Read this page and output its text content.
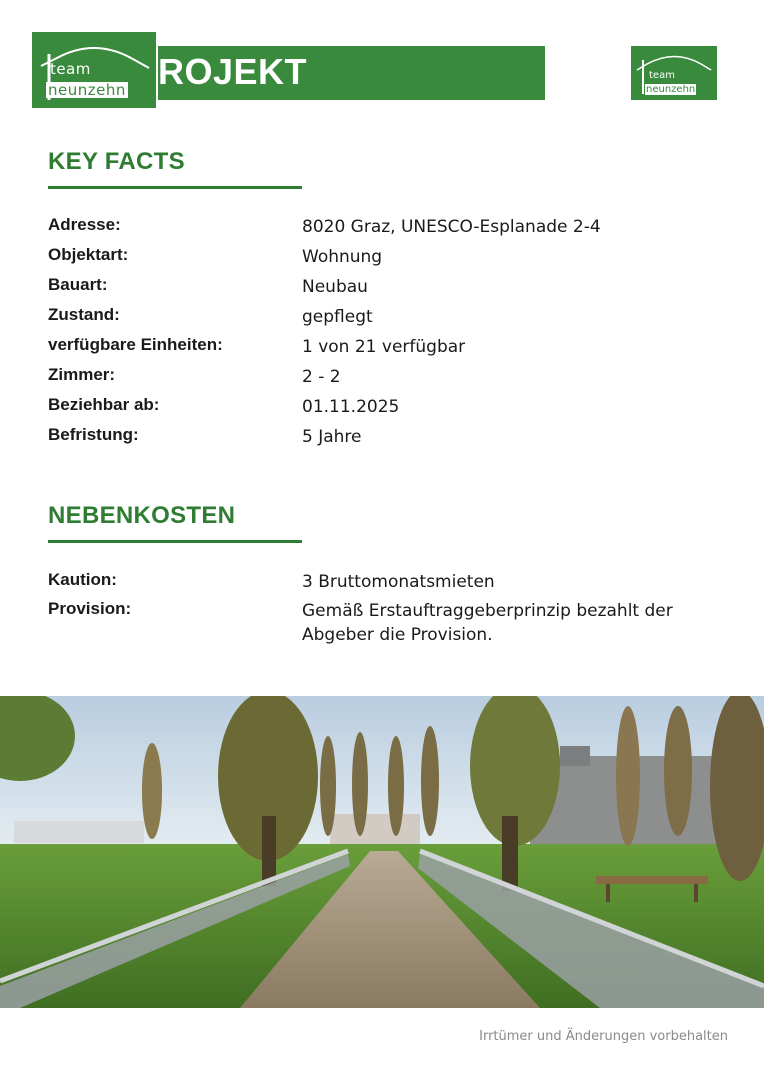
team
neunzehn ROJEKT	team
neunzehn
KEY FACTS
Adresse:	8020 Graz, UNESCO-Esplanade 2-4
Objektart:	Wohnung
Bauart:	Neubau
Zustand:	gepflegt
verfügbare Einheiten:	1 von 21 verfügbar
Zimmer:	2 - 2
Beziehbar ab:	01.11.2025
Befristung:	5 Jahre
NEBENKOSTEN
Kaution:	3 Bruttomonatsmieten
Provision:	Gemäß Erstauftraggeberprinzip bezahlt der Abgeber die Provision.
Irrtümer und Änderungen vorbehalten
